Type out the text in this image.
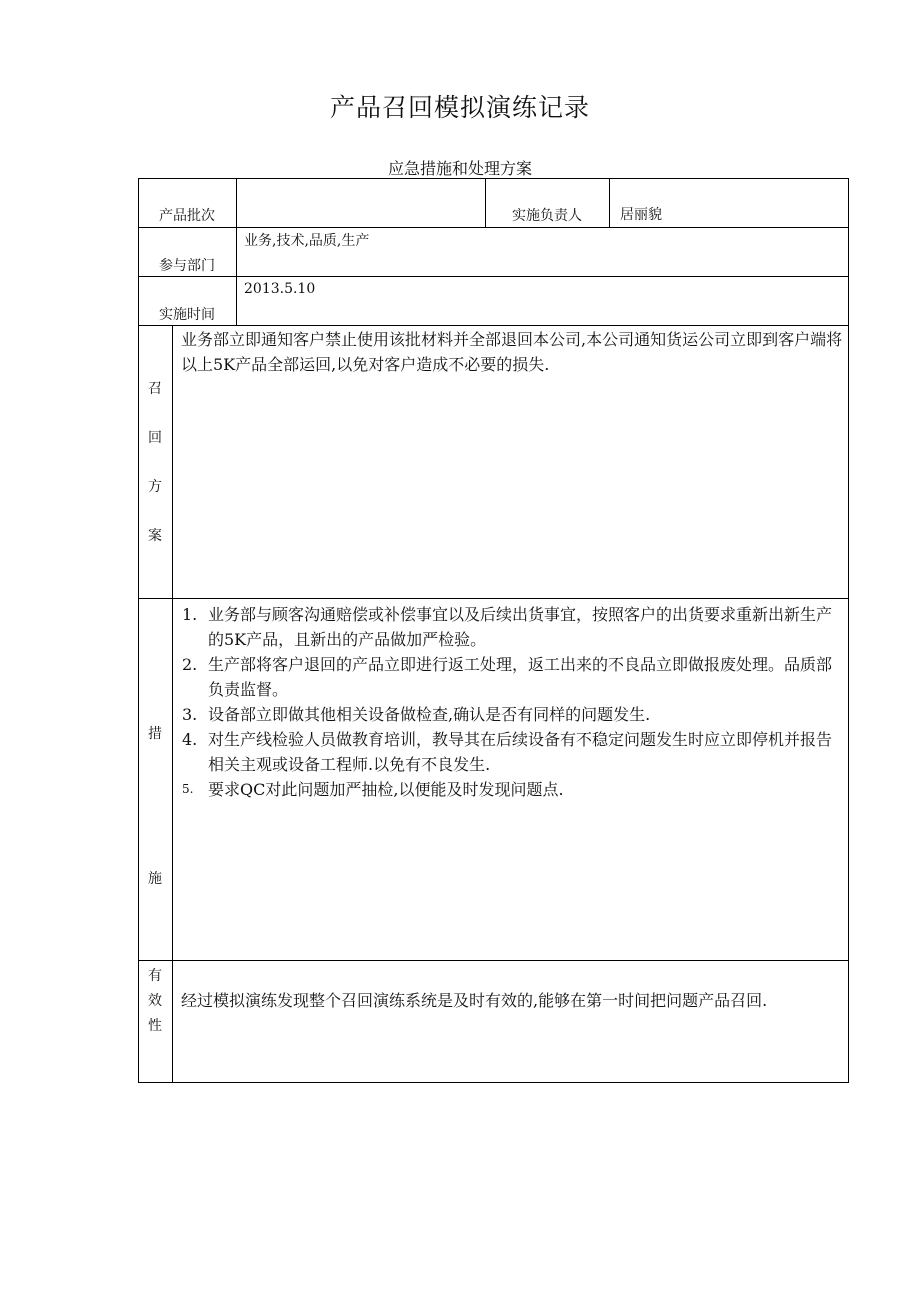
产品召回模拟演练记录
应急措施和处理方案
产品批次	实施负责人	居丽貌
参与部门
业务,技术,品质,生产
实施时间
2013.5.10
召
回
方
案
业务部立即通知客户禁止使用该批材料并全部退回本公司,本公司通知货运公司立即到客户端将以上5K产品全部运回,以免对客户造成不必要的损失.
措
施
1. 业务部与顾客沟通赔偿或补偿事宜以及后续出货事宜，按照客户的出货要求重新出新生产的5K产品，且新出的产品做加严检验。
2. 生产部将客户退回的产品立即进行返工处理，返工出来的不良品立即做报废处理。品质部负责监督。
3. 设备部立即做其他相关设备做检查,确认是否有同样的问题发生.
4. 对生产线检验人员做教育培训，教导其在后续设备有不稳定问题发生时应立即停机并报告相关主观或设备工程师.以免有不良发生.
5. 要求QC对此问题加严抽检,以便能及时发现问题点.
有
效
性
经过模拟演练发现整个召回演练系统是及时有效的,能够在第一时间把问题产品召回.
